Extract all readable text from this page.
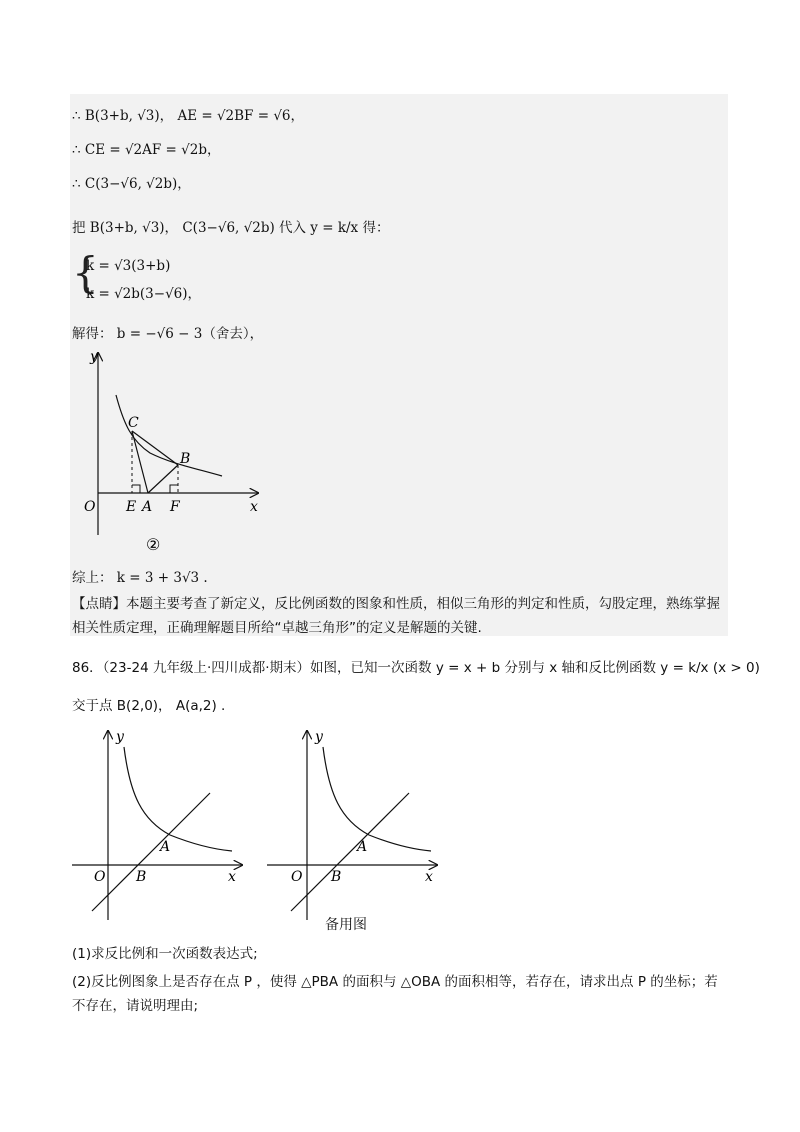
∴ B(3+b, √3)， AE = √2BF = √6，
∴ CE = √2AF = √2b，
∴ C(3−√6, √2b)，
把 B(3+b, √3)， C(3−√6, √2b) 代入 y = k/x 得：
{
k = √3(3+b)
k = √2b(3−√6)，
解得： b = −√6 − 3（舍去），
y
x
O E A F
B
C
②
综上： k = 3 + 3√3 .
【点睛】本题主要考查了新定义，反比例函数的图象和性质，相似三角形的判定和性质，勾股定理，熟练掌握相关性质定理，正确理解题目所给“卓越三角形”的定义是解题的关键.
86．（23-24 九年级上·四川成都·期末）如图，已知一次函数 y = x + b 分别与 x 轴和反比例函数 y = k/x (x > 0)
交于点 B(2,0)， A(a,2) .
y
x
O B
A
y
x
O B
A
备用图
(1)求反比例和一次函数表达式;
(2)反比例图象上是否存在点 P ，使得 △PBA 的面积与 △OBA 的面积相等，若存在，请求出点 P 的坐标；若不存在，请说明理由;
